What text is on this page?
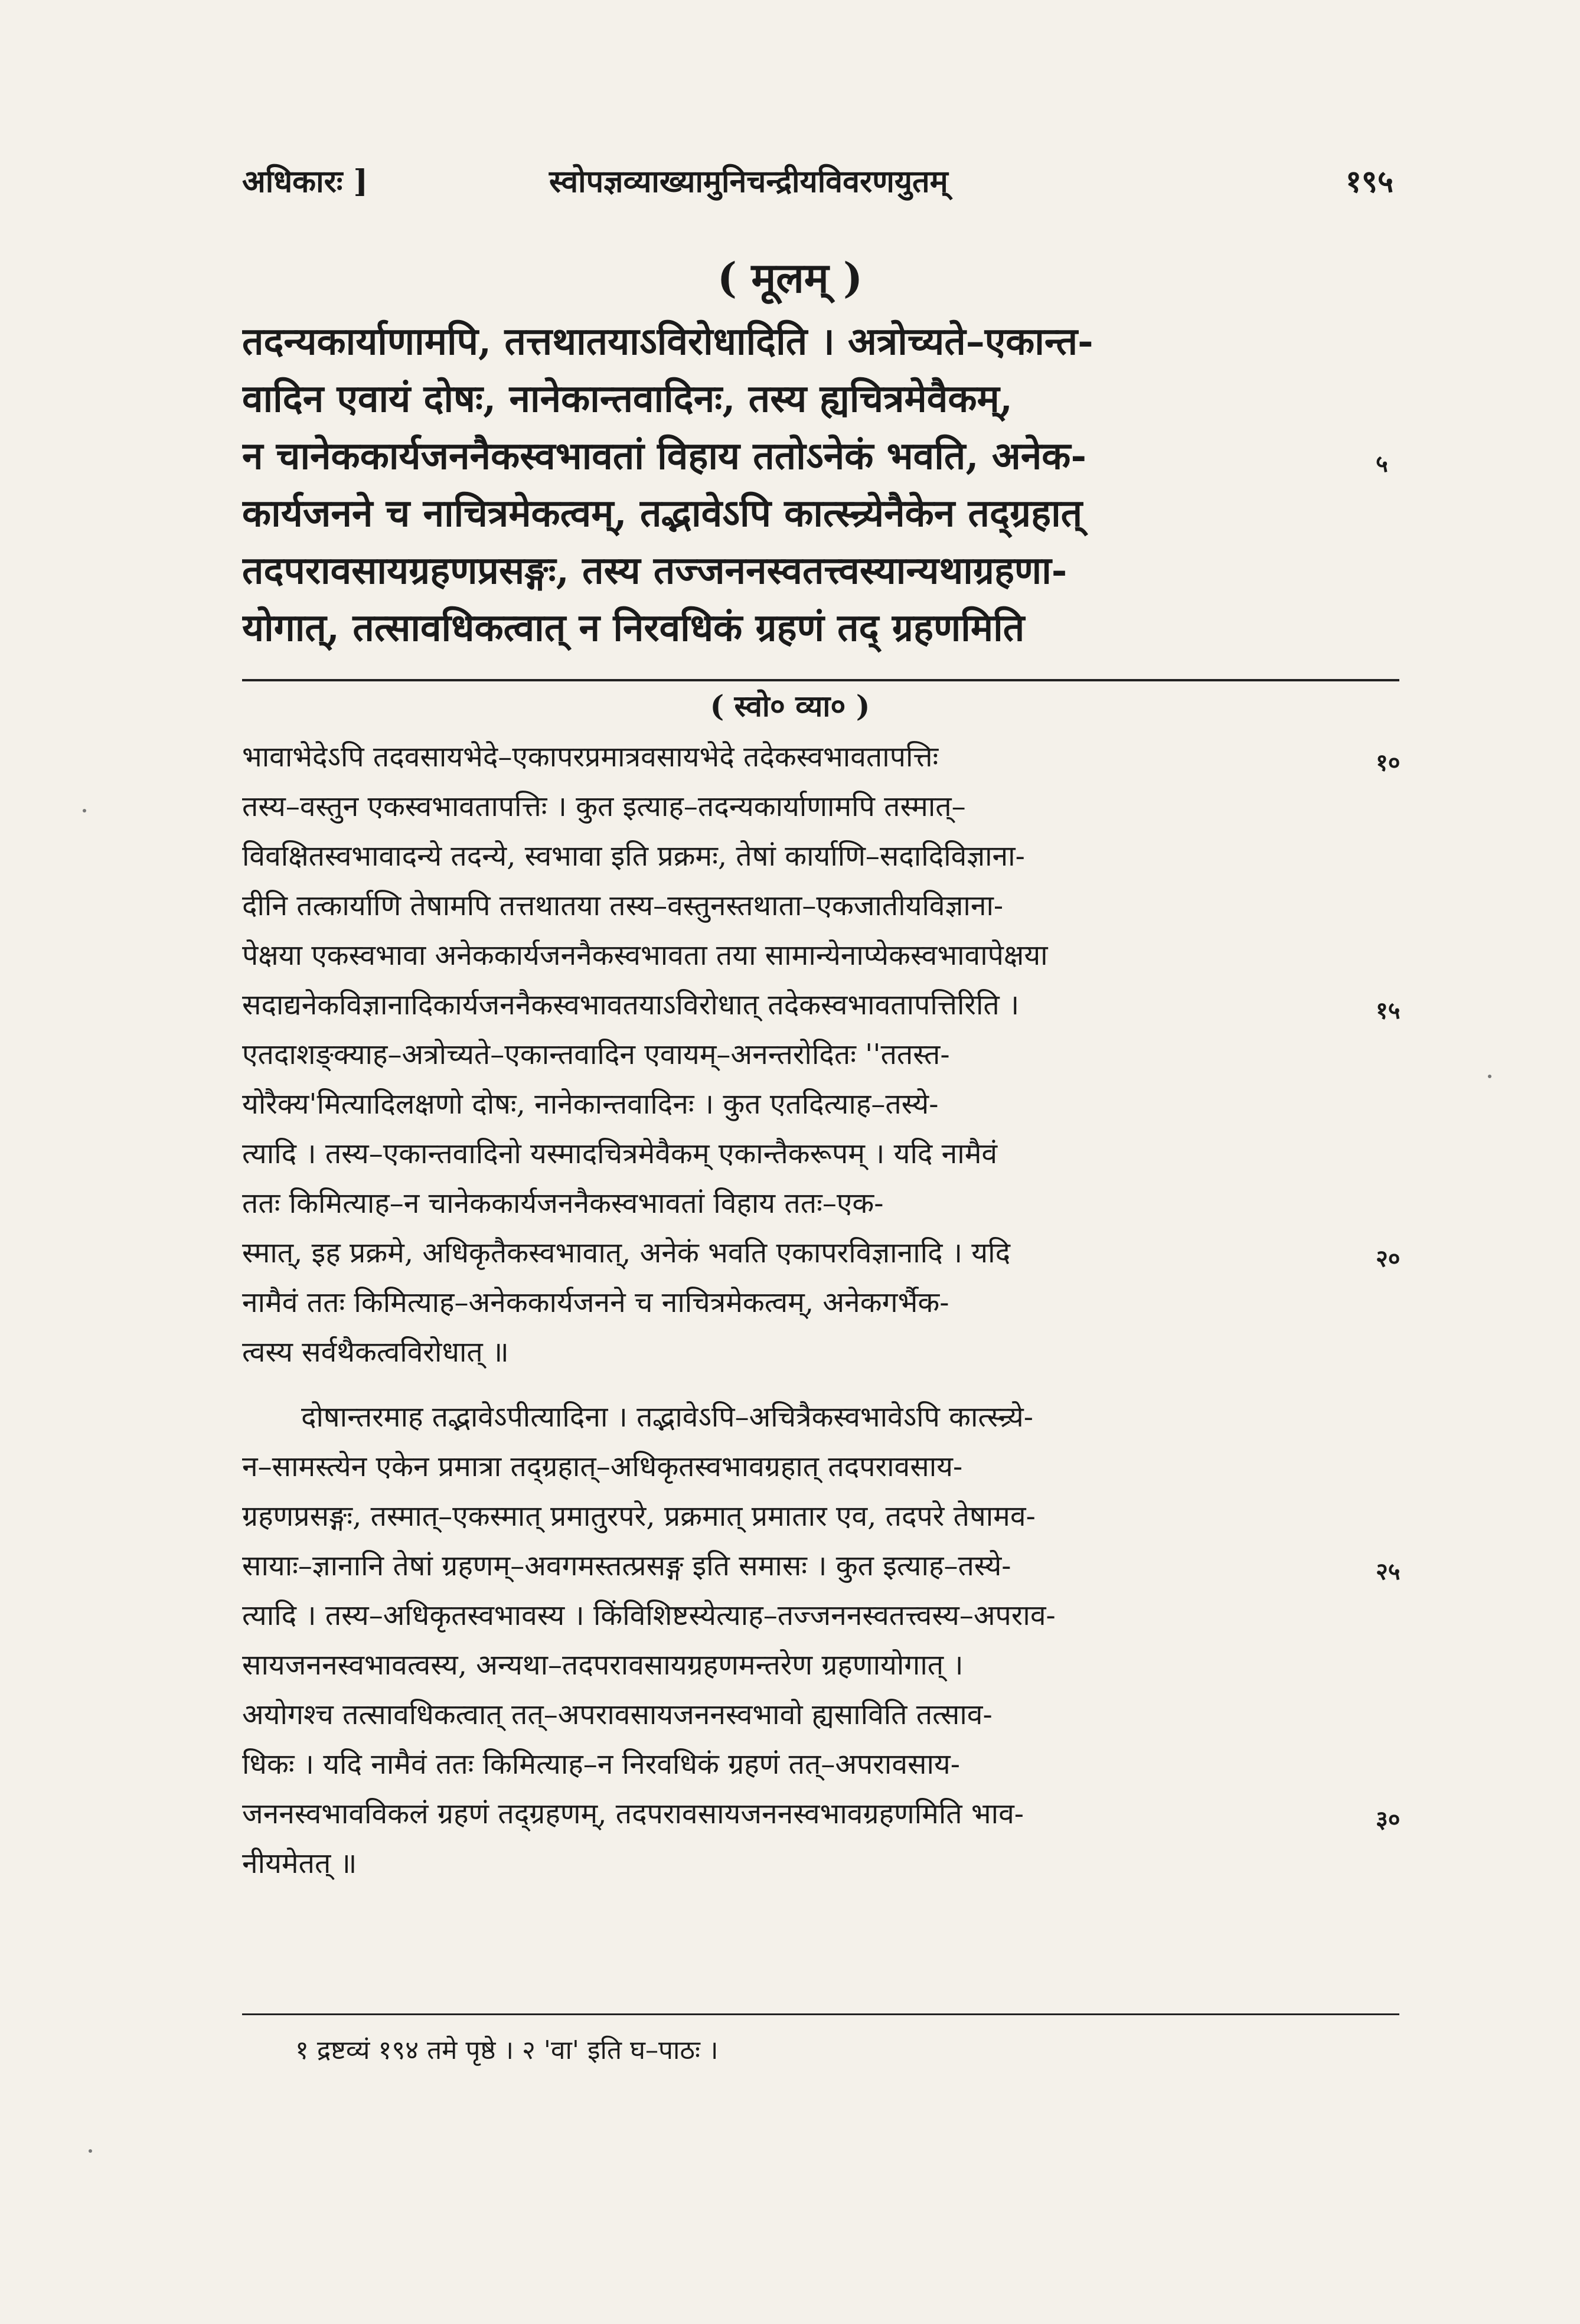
अधिकारः ]	स्वोपज्ञव्याख्यामुनिचन्द्रीयविवरणयुतम्	१९५
( मूलम् )
तदन्यकार्याणामपि, तत्तथातयाऽविरोधादिति । अत्रोच्यते–एकान्त-
वादिन एवायं दोषः, नानेकान्तवादिनः, तस्य ह्यचित्रमेवैकम्,
न चानेककार्यजननैकस्वभावतां विहाय ततोऽनेकं भवति, अनेक-
कार्यजनने च नाचित्रमेकत्वम्, तद्भावेऽपि कात्स्न्र्येनैकेन तद्ग्रहात्
तदपरावसायग्रहणप्रसङ्गः, तस्य तज्जननस्वतत्त्वस्यान्यथाग्रहणा-
योगात्, तत्सावधिकत्वात् न निरवधिकं ग्रहणं तद् ग्रहणमिति
५
( स्वो० व्या० )
भावाभेदेऽपि तदवसायभेदे–एकापरप्रमात्रवसायभेदे तदेकस्वभावतापत्तिः
तस्य–वस्तुन एकस्वभावतापत्तिः । कुत इत्याह–तदन्यकार्याणामपि तस्मात्–
विवक्षितस्वभावादन्ये तदन्ये, स्वभावा इति प्रक्रमः, तेषां कार्याणि–सदादिविज्ञाना-
दीनि तत्कार्याणि तेषामपि तत्तथातया तस्य–वस्तुनस्तथाता–एकजातीयविज्ञाना-
पेक्षया एकस्वभावा अनेककार्यजननैकस्वभावता तया सामान्येनाप्येकस्वभावापेक्षया
सदाद्यनेकविज्ञानादिकार्यजननैकस्वभावतयाऽविरोधात् तदेकस्वभावतापत्तिरिति ।
एतदाशङ्क्याह–अत्रोच्यते–एकान्तवादिन एवायम्–अनन्तरोदितः ''ततस्त-
योरैक्य'मित्यादिलक्षणो दोषः, नानेकान्तवादिनः । कुत एतदित्याह–तस्ये-
त्यादि । तस्य–एकान्तवादिनो यस्मादचित्रमेवैकम् एकान्तैकरूपम् । यदि नामैवं
ततः किमित्याह–न चानेककार्यजननैकस्वभावतां विहाय ततः–एक-
स्मात्, इह प्रक्रमे, अधिकृतैकस्वभावात्, अनेकं भवति एकापरविज्ञानादि । यदि
नामैवं ततः किमित्याह–अनेककार्यजनने च नाचित्रमेकत्वम्, अनेकगर्भैक-
त्वस्य सर्वथैकत्वविरोधात् ॥
दोषान्तरमाह तद्भावेऽपीत्यादिना । तद्भावेऽपि–अचित्रैकस्वभावेऽपि कात्स्न्र्ये-
न–सामस्त्येन एकेन प्रमात्रा तद्ग्रहात्–अधिकृतस्वभावग्रहात् तदपरावसाय-
ग्रहणप्रसङ्गः, तस्मात्–एकस्मात् प्रमातुरपरे, प्रक्रमात् प्रमातार एव, तदपरे तेषामव-
सायाः–ज्ञानानि तेषां ग्रहणम्–अवगमस्तत्प्रसङ्ग इति समासः । कुत इत्याह–तस्ये-
त्यादि । तस्य–अधिकृतस्वभावस्य । किंविशिष्टस्येत्याह–तज्जननस्वतत्त्वस्य–अपराव-
सायजननस्वभावत्वस्य, अन्यथा–तदपरावसायग्रहणमन्तरेण ग्रहणायोगात् ।
अयोगश्च तत्सावधिकत्वात् तत्–अपरावसायजननस्वभावो ह्यसाविति तत्साव-
धिकः । यदि नामैवं ततः किमित्याह–न निरवधिकं ग्रहणं तत्–अपरावसाय-
जननस्वभावविकलं ग्रहणं तद्ग्रहणम्, तदपरावसायजननस्वभावग्रहणमिति भाव-
नीयमेतत् ॥
१०
१५
२०
२५
३०
१ द्रष्टव्यं १९४ तमे पृष्ठे । २ 'वा' इति घ–पाठः ।
